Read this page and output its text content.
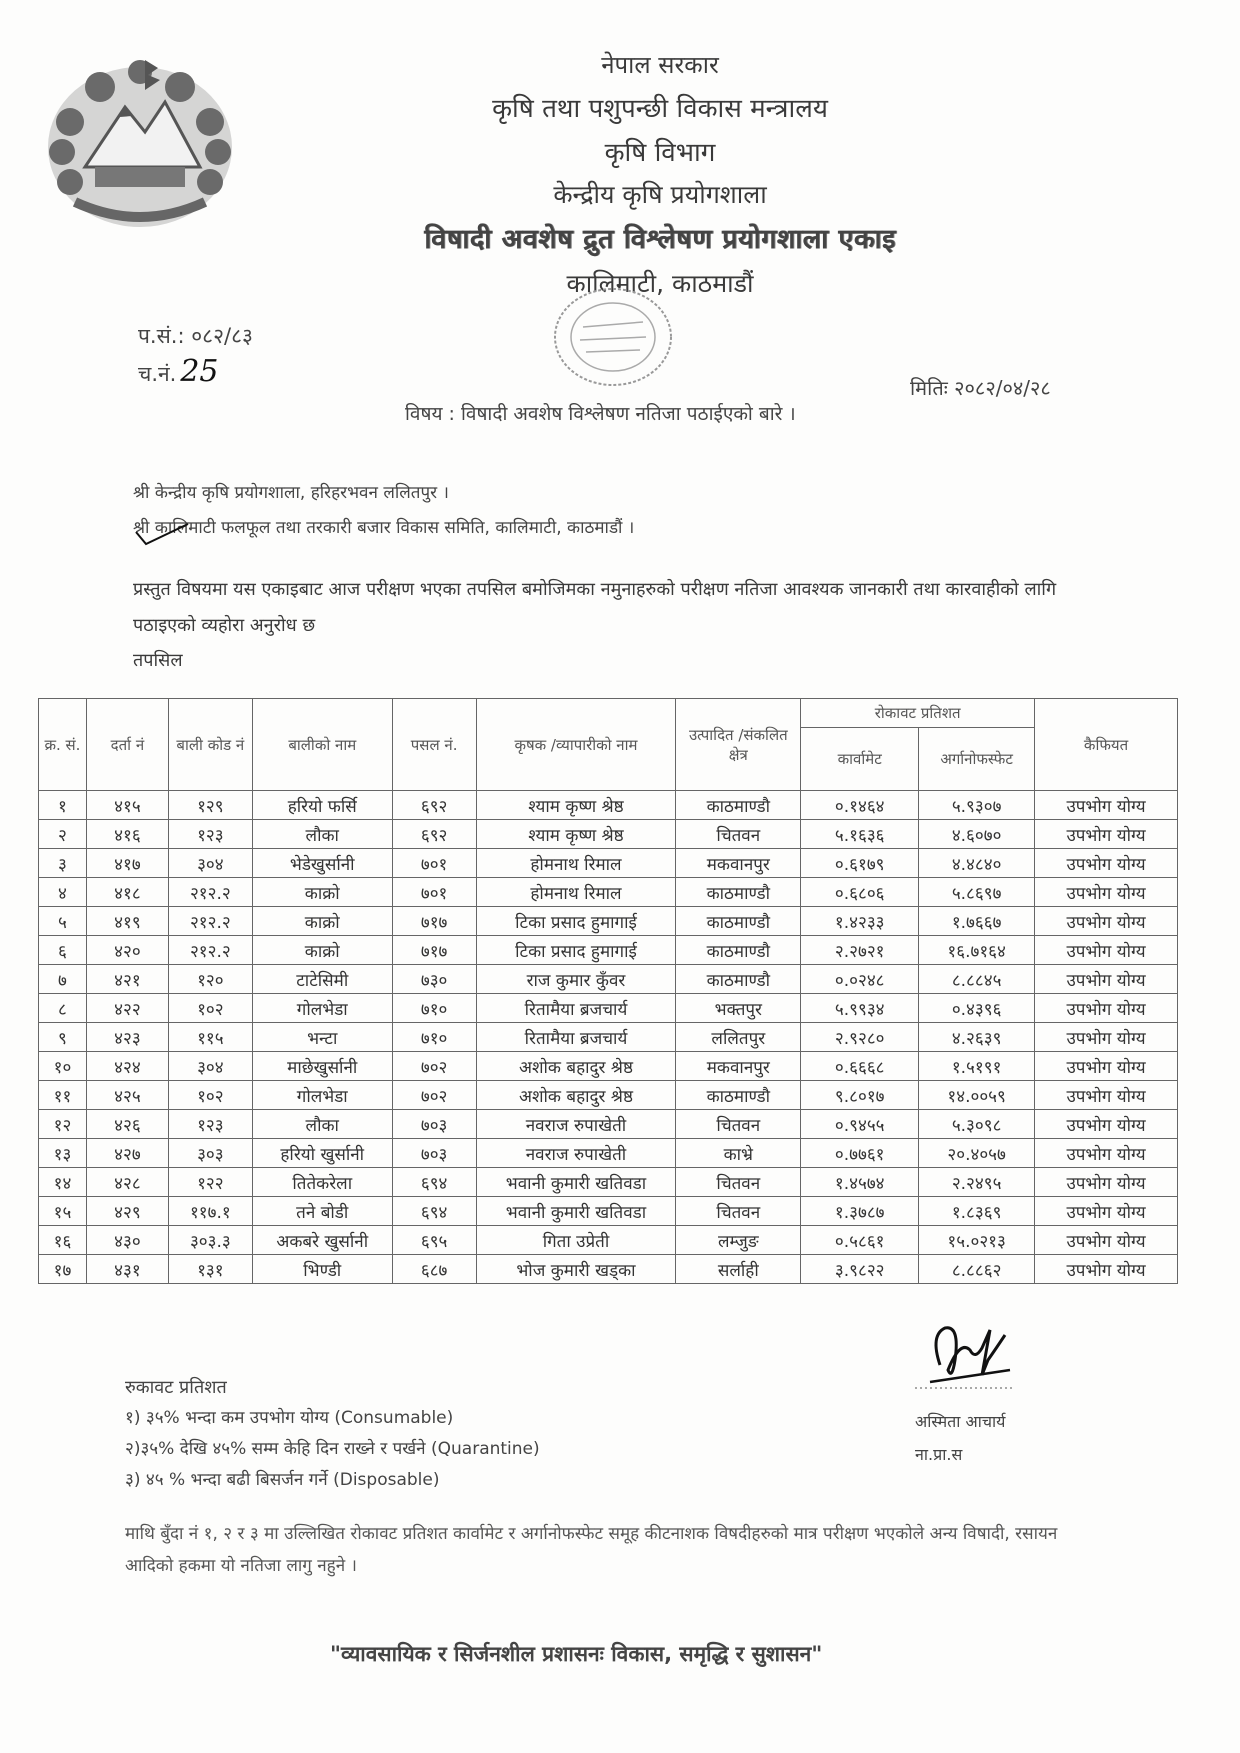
नेपाल सरकार
कृषि तथा पशुपन्छी विकास मन्त्रालय
कृषि विभाग
केन्द्रीय कृषि प्रयोगशाला
विषादी अवशेष द्रुत विश्लेषण प्रयोगशाला एकाइ
कालिमाटी, काठमाडौं
प.सं.: ०८२/८३
च.नं. 25	मितिः २०८२/०४/२८
विषय : विषादी अवशेष विश्लेषण नतिजा पठाईएको बारे ।
श्री केन्द्रीय कृषि प्रयोगशाला, हरिहरभवन ललितपुर ।
श्री कालिमाटी फलफूल तथा तरकारी बजार विकास समिति, कालिमाटी, काठमाडौं ।
प्रस्तुत विषयमा यस एकाइबाट आज परीक्षण भएका तपसिल बमोजिमका नमुनाहरुको परीक्षण नतिजा आवश्यक जानकारी तथा कारवाहीको लागि पठाइएको व्यहोरा अनुरोध छ
तपसिल
क्र. सं.	दर्ता नं	बाली कोड नं	बालीको नाम	पसल नं.	कृषक /व्यापारीको नाम	उत्पादित /संकलित क्षेत्र	रोकावट प्रतिशत		कैफियत
							कार्वामेट	अर्गानोफस्फेट	
१	४१५	१२९	हरियो फर्सि	६९२	श्याम कृष्ण श्रेष्ठ	काठमाण्डौ	०.१४६४	५.९३०७	उपभोग योग्य
२	४१६	१२३	लौका	६९२	श्याम कृष्ण श्रेष्ठ	चितवन	५.१६३६	४.६०७०	उपभोग योग्य
३	४१७	३०४	भेडेखुर्सानी	७०१	होमनाथ रिमाल	मकवानपुर	०.६१७९	४.४८४०	उपभोग योग्य
४	४१८	२१२.२	काक्रो	७०१	होमनाथ रिमाल	काठमाण्डौ	०.६८०६	५.८६९७	उपभोग योग्य
५	४१९	२१२.२	काक्रो	७१७	टिका प्रसाद हुमागाई	काठमाण्डौ	१.४२३३	१.७६६७	उपभोग योग्य
६	४२०	२१२.२	काक्रो	७१७	टिका प्रसाद हुमागाई	काठमाण्डौ	२.२७२१	१६.७१६४	उपभोग योग्य
७	४२१	१२०	टाटेसिमी	७३०	राज कुमार कुँवर	काठमाण्डौ	०.०२४८	८.८८४५	उपभोग योग्य
८	४२२	१०२	गोलभेडा	७१०	रितामैया ब्रजचार्य	भक्तपुर	५.९९३४	०.४३९६	उपभोग योग्य
९	४२३	११५	भन्टा	७१०	रितामैया ब्रजचार्य	ललितपुर	२.९२८०	४.२६३९	उपभोग योग्य
१०	४२४	३०४	माछेखुर्सानी	७०२	अशोक बहादुर श्रेष्ठ	मकवानपुर	०.६६६८	१.५१९१	उपभोग योग्य
११	४२५	१०२	गोलभेडा	७०२	अशोक बहादुर श्रेष्ठ	काठमाण्डौ	९.८०१७	१४.००५९	उपभोग योग्य
१२	४२६	१२३	लौका	७०३	नवराज रुपाखेती	चितवन	०.९४५५	५.३०९८	उपभोग योग्य
१३	४२७	३०३	हरियो खुर्सानी	७०३	नवराज रुपाखेती	काभ्रे	०.७७६१	२०.४०५७	उपभोग योग्य
१४	४२८	१२२	तितेकरेला	६९४	भवानी कुमारी खतिवडा	चितवन	१.४५७४	२.२४९५	उपभोग योग्य
१५	४२९	११७.१	तने बोडी	६९४	भवानी कुमारी खतिवडा	चितवन	१.३७८७	१.८३६९	उपभोग योग्य
१६	४३०	३०३.३	अकबरे खुर्सानी	६९५	गिता उप्रेती	लम्जुङ	०.५८६१	१५.०२१३	उपभोग योग्य
१७	४३१	१३१	भिण्डी	६८७	भोज कुमारी खड्का	सर्लाही	३.९८२२	८.८८६२	उपभोग योग्य
रुकावट प्रतिशत
१) ३५% भन्दा कम उपभोग योग्य (Consumable)
२)३५% देखि ४५% सम्म केहि दिन राख्ने र पर्खने (Quarantine)
३) ४५ % भन्दा बढी बिसर्जन गर्ने (Disposable)
अस्मिता आचार्य
ना.प्रा.स
माथि बुँदा नं १, २ र ३ मा उल्लिखित रोकावट प्रतिशत कार्वामेट र अर्गानोफस्फेट समूह कीटनाशक विषदीहरुको मात्र परीक्षण भएकोले अन्य विषादी, रसायन आदिको हकमा यो नतिजा लागु नहुने ।
"व्यावसायिक र सिर्जनशील प्रशासनः विकास, समृद्धि र सुशासन"
